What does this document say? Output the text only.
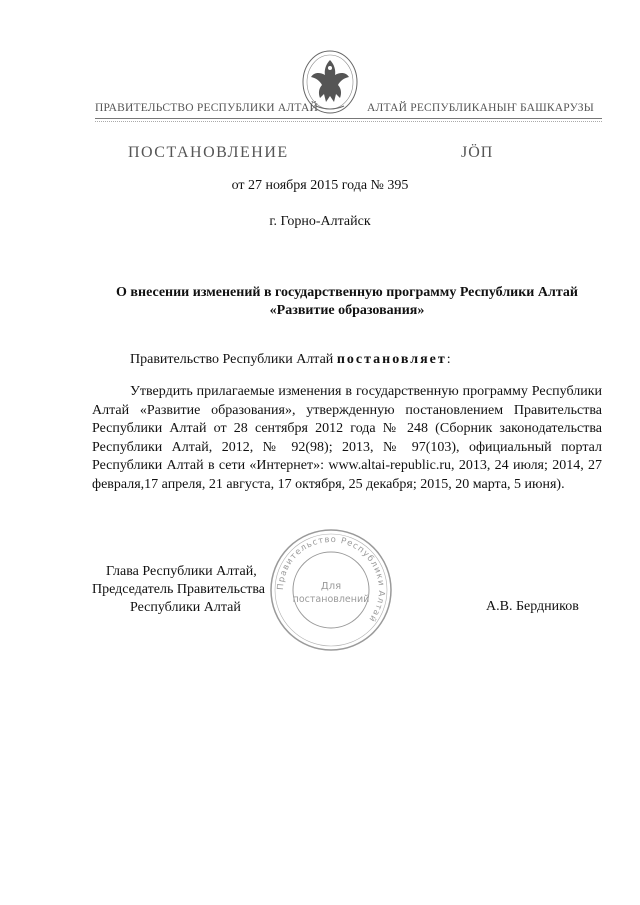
ПРАВИТЕЛЬСТВО РЕСПУБЛИКИ АЛТАЙ	АЛТАЙ РЕСПУБЛИКАНЫҤ БАШКАРУЗЫ
ПОСТАНОВЛЕНИЕ	JÖП
от 27 ноября 2015 года № 395
г. Горно-Алтайск
О внесении изменений в государственную программу Республики Алтай
«Развитие образования»
Правительство Республики Алтай постановляет:
Утвердить прилагаемые изменения в государственную программу Республики Алтай «Развитие образования», утвержденную постановлением Правительства Республики Алтай от 28 сентября 2012 года № 248 (Сборник законодательства Республики Алтай, 2012, № 92(98); 2013, № 97(103), официальный портал Республики Алтай в сети «Интернет»: www.altai-republic.ru, 2013, 24 июля; 2014, 27 февраля,17 апреля, 21 августа, 17 октября, 25 декабря; 2015, 20 марта, 5 июня).
Глава Республики Алтай,
Председатель Правительства
Республики Алтай	А.В. Бердников
Правительство Республики Алтай
Для
постановлений
